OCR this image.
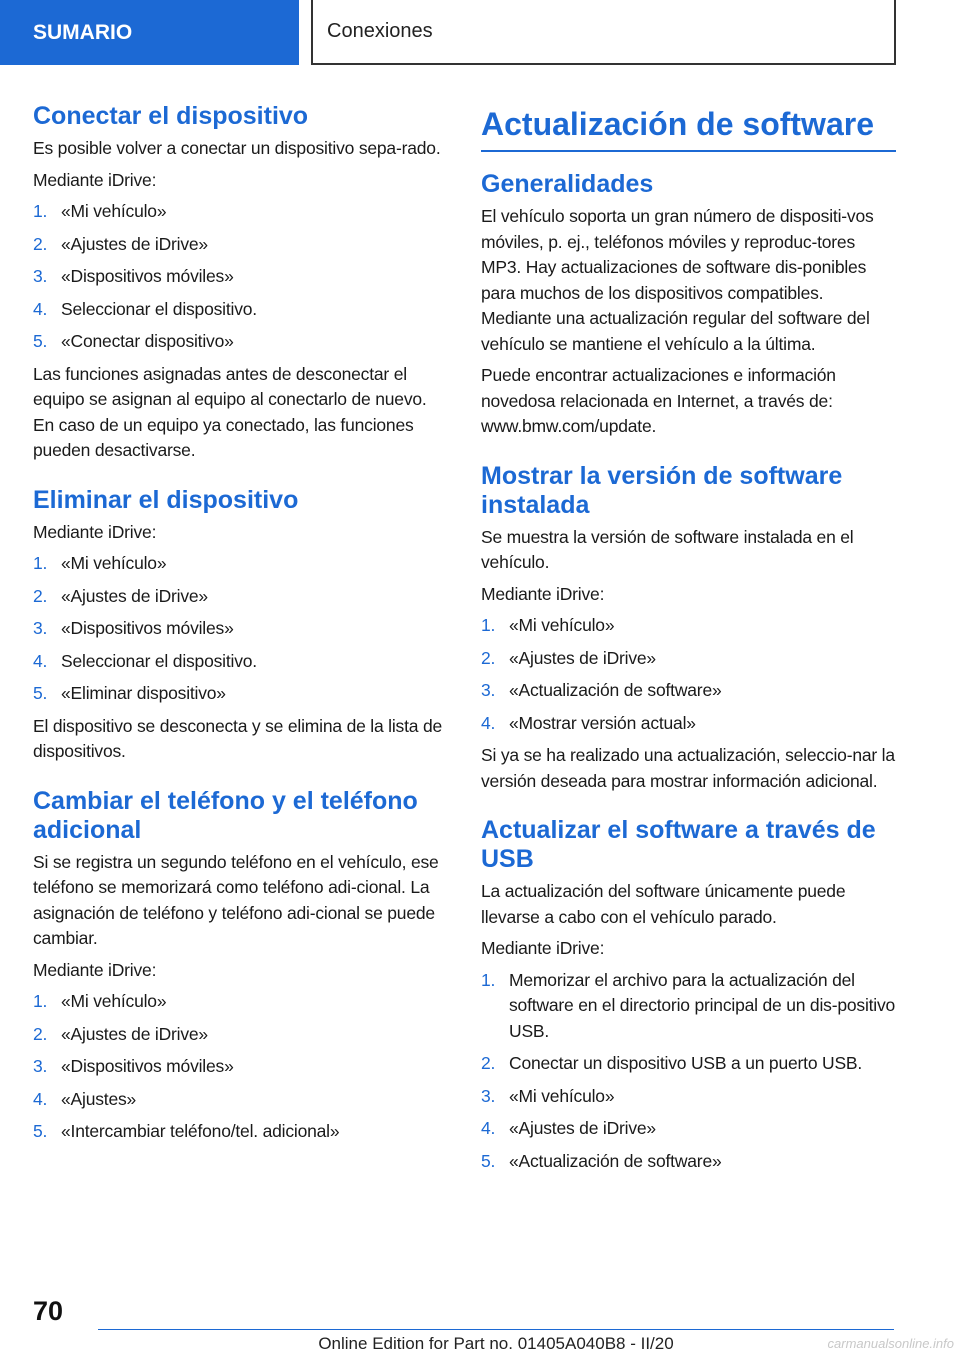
SUMARIO	Conexiones
Conectar el dispositivo

Es posible volver a conectar un dispositivo sepa-rado.

Mediante iDrive:

1. «Mi vehículo»
2. «Ajustes de iDrive»
3. «Dispositivos móviles»
4. Seleccionar el dispositivo.
5. «Conectar dispositivo»

Las funciones asignadas antes de desconectar el equipo se asignan al equipo al conectarlo de nuevo. En caso de un equipo ya conectado, las funciones pueden desactivarse.

Eliminar el dispositivo

Mediante iDrive:

1. «Mi vehículo»
2. «Ajustes de iDrive»
3. «Dispositivos móviles»
4. Seleccionar el dispositivo.
5. «Eliminar dispositivo»

El dispositivo se desconecta y se elimina de la lista de dispositivos.

Cambiar el teléfono y el teléfono adicional

Si se registra un segundo teléfono en el vehículo, ese teléfono se memorizará como teléfono adi-cional. La asignación de teléfono y teléfono adi-cional se puede cambiar.

Mediante iDrive:

1. «Mi vehículo»
2. «Ajustes de iDrive»
3. «Dispositivos móviles»
4. «Ajustes»
5. «Intercambiar teléfono/tel. adicional»
Actualización de software
Generalidades

El vehículo soporta un gran número de dispositi-vos móviles, p. ej., teléfonos móviles y reproduc-tores MP3. Hay actualizaciones de software dis-ponibles para muchos de los dispositivos compatibles. Mediante una actualización regular del software del vehículo se mantiene el vehículo a la última.

Puede encontrar actualizaciones e información novedosa relacionada en Internet, a través de: www.bmw.com/update.

Mostrar la versión de software instalada

Se muestra la versión de software instalada en el vehículo.

Mediante iDrive:

1. «Mi vehículo»
2. «Ajustes de iDrive»
3. «Actualización de software»
4. «Mostrar versión actual»

Si ya se ha realizado una actualización, seleccio-nar la versión deseada para mostrar información adicional.

Actualizar el software a través de USB

La actualización del software únicamente puede llevarse a cabo con el vehículo parado.

Mediante iDrive:

1. Memorizar el archivo para la actualización del software en el directorio principal de un dis-positivo USB.
2. Conectar un dispositivo USB a un puerto USB.
3. «Mi vehículo»
4. «Ajustes de iDrive»
5. «Actualización de software»
70
Online Edition for Part no. 01405A040B8 - II/20	carmanualsonline.info
